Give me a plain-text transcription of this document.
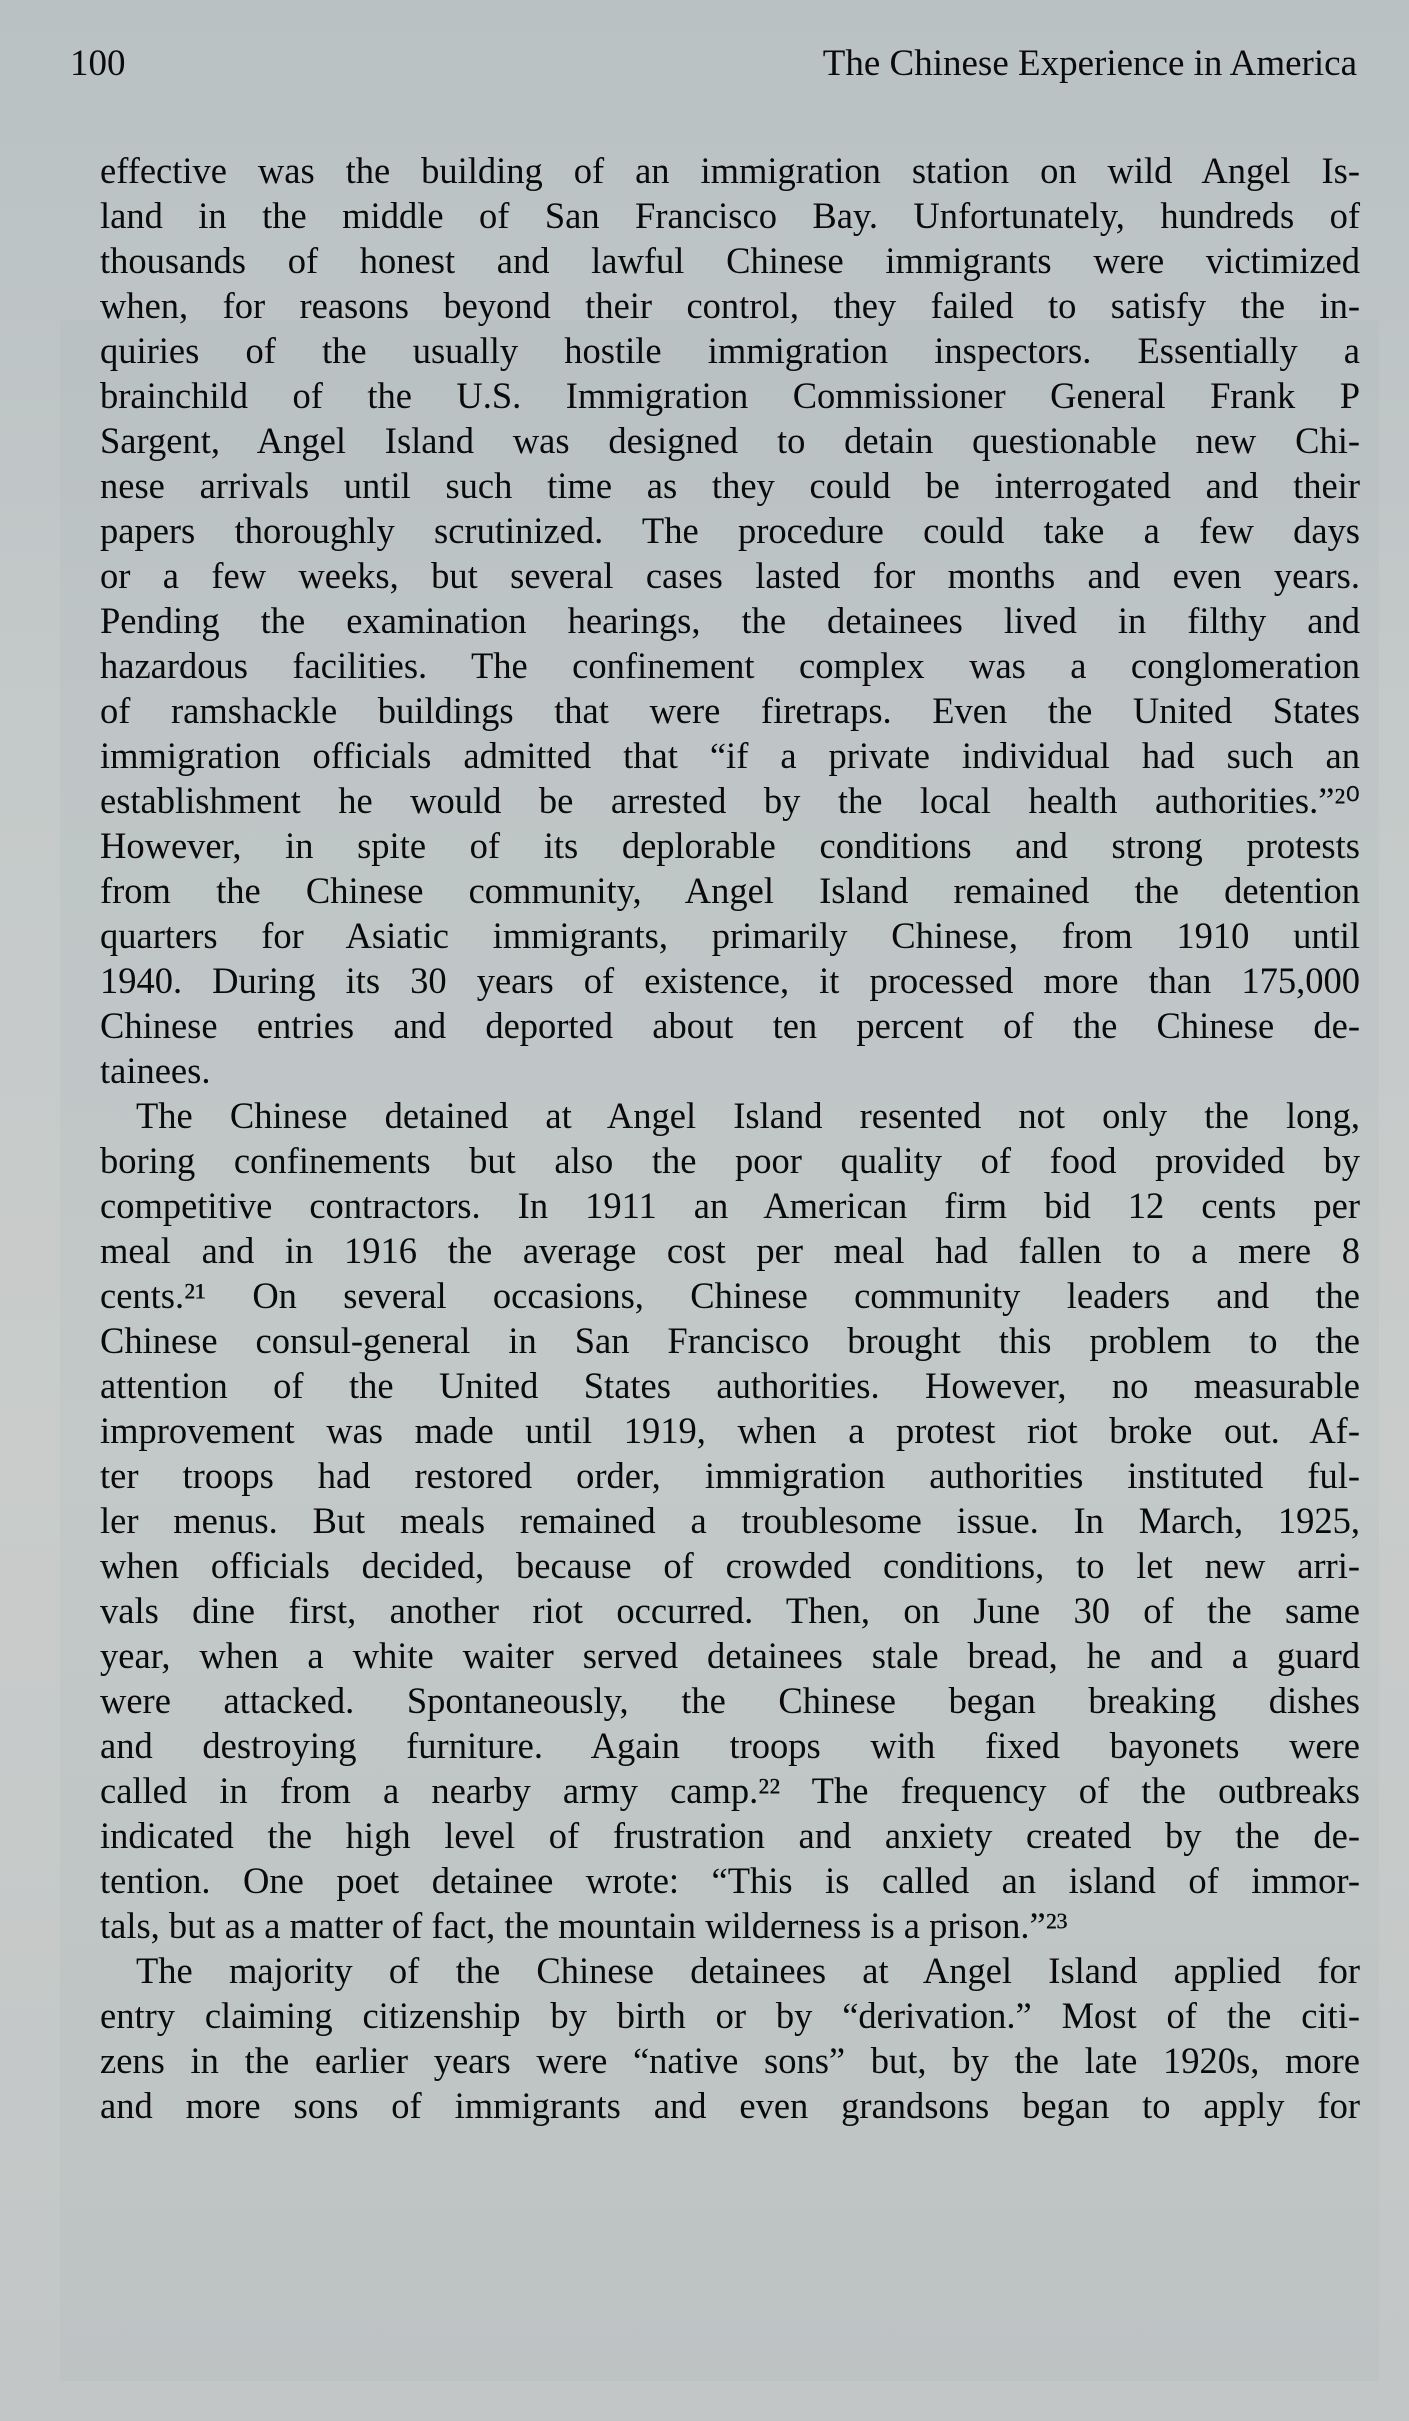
100	The Chinese Experience in America
effective was the building of an immigration station on wild Angel Is-
land in the middle of San Francisco Bay. Unfortunately, hundreds of
thousands of honest and lawful Chinese immigrants were victimized
when, for reasons beyond their control, they failed to satisfy the in-
quiries of the usually hostile immigration inspectors. Essentially a
brainchild of the U.S. Immigration Commissioner General Frank P
Sargent, Angel Island was designed to detain questionable new Chi-
nese arrivals until such time as they could be interrogated and their
papers thoroughly scrutinized. The procedure could take a few days
or a few weeks, but several cases lasted for months and even years.
Pending the examination hearings, the detainees lived in filthy and
hazardous facilities. The confinement complex was a conglomeration
of ramshackle buildings that were firetraps. Even the United States
immigration officials admitted that “if a private individual had such an
establishment he would be arrested by the local health authorities.”²⁰
However, in spite of its deplorable conditions and strong protests
from the Chinese community, Angel Island remained the detention
quarters for Asiatic immigrants, primarily Chinese, from 1910 until
1940. During its 30 years of existence, it processed more than 175,000
Chinese entries and deported about ten percent of the Chinese de-
tainees.
The Chinese detained at Angel Island resented not only the long,
boring confinements but also the poor quality of food provided by
competitive contractors. In 1911 an American firm bid 12 cents per
meal and in 1916 the average cost per meal had fallen to a mere 8
cents.²¹ On several occasions, Chinese community leaders and the
Chinese consul-general in San Francisco brought this problem to the
attention of the United States authorities. However, no measurable
improvement was made until 1919, when a protest riot broke out. Af-
ter troops had restored order, immigration authorities instituted ful-
ler menus. But meals remained a troublesome issue. In March, 1925,
when officials decided, because of crowded conditions, to let new arri-
vals dine first, another riot occurred. Then, on June 30 of the same
year, when a white waiter served detainees stale bread, he and a guard
were attacked. Spontaneously, the Chinese began breaking dishes
and destroying furniture. Again troops with fixed bayonets were
called in from a nearby army camp.²² The frequency of the outbreaks
indicated the high level of frustration and anxiety created by the de-
tention. One poet detainee wrote: “This is called an island of immor-
tals, but as a matter of fact, the mountain wilderness is a prison.”²³
The majority of the Chinese detainees at Angel Island applied for
entry claiming citizenship by birth or by “derivation.” Most of the citi-
zens in the earlier years were “native sons” but, by the late 1920s, more
and more sons of immigrants and even grandsons began to apply for
